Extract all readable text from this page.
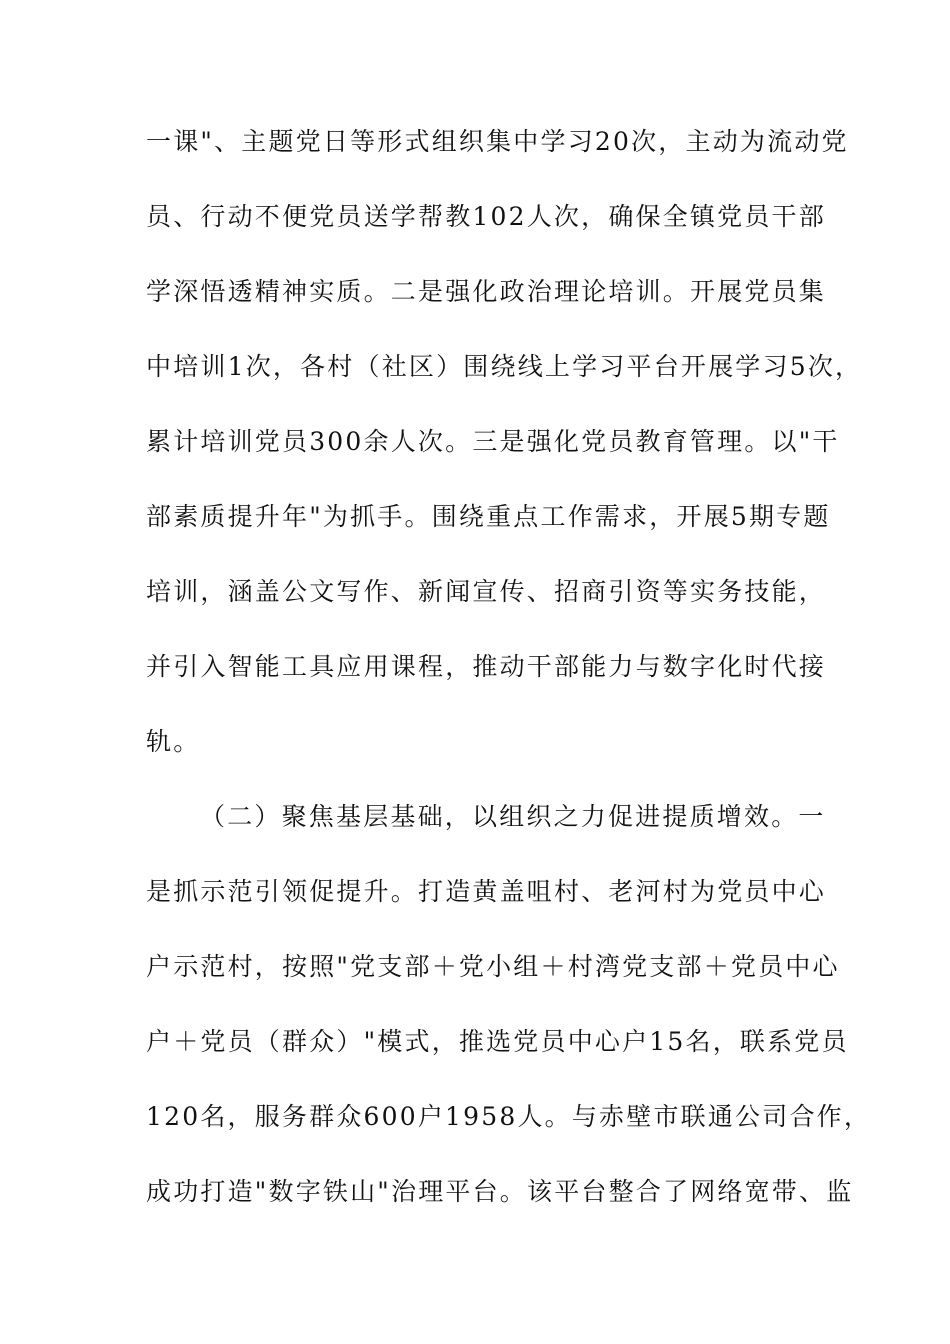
一课"、主题党日等形式组织集中学习20次，主动为流动党
员、行动不便党员送学帮教102人次，确保全镇党员干部
学深悟透精神实质。二是强化政治理论培训。开展党员集
中培训1次，各村（社区）围绕线上学习平台开展学习5次，
累计培训党员300余人次。三是强化党员教育管理。以"干
部素质提升年"为抓手。围绕重点工作需求，开展5期专题
培训，涵盖公文写作、新闻宣传、招商引资等实务技能，
并引入智能工具应用课程，推动干部能力与数字化时代接
轨。
（二）聚焦基层基础，以组织之力促进提质增效。一
是抓示范引领促提升。打造黄盖咀村、老河村为党员中心
户示范村，按照"党支部＋党小组＋村湾党支部＋党员中心
户＋党员（群众）"模式，推选党员中心户15名，联系党员
120名，服务群众600户1958人。与赤壁市联通公司合作，
成功打造"数字铁山"治理平台。该平台整合了网络宽带、监
